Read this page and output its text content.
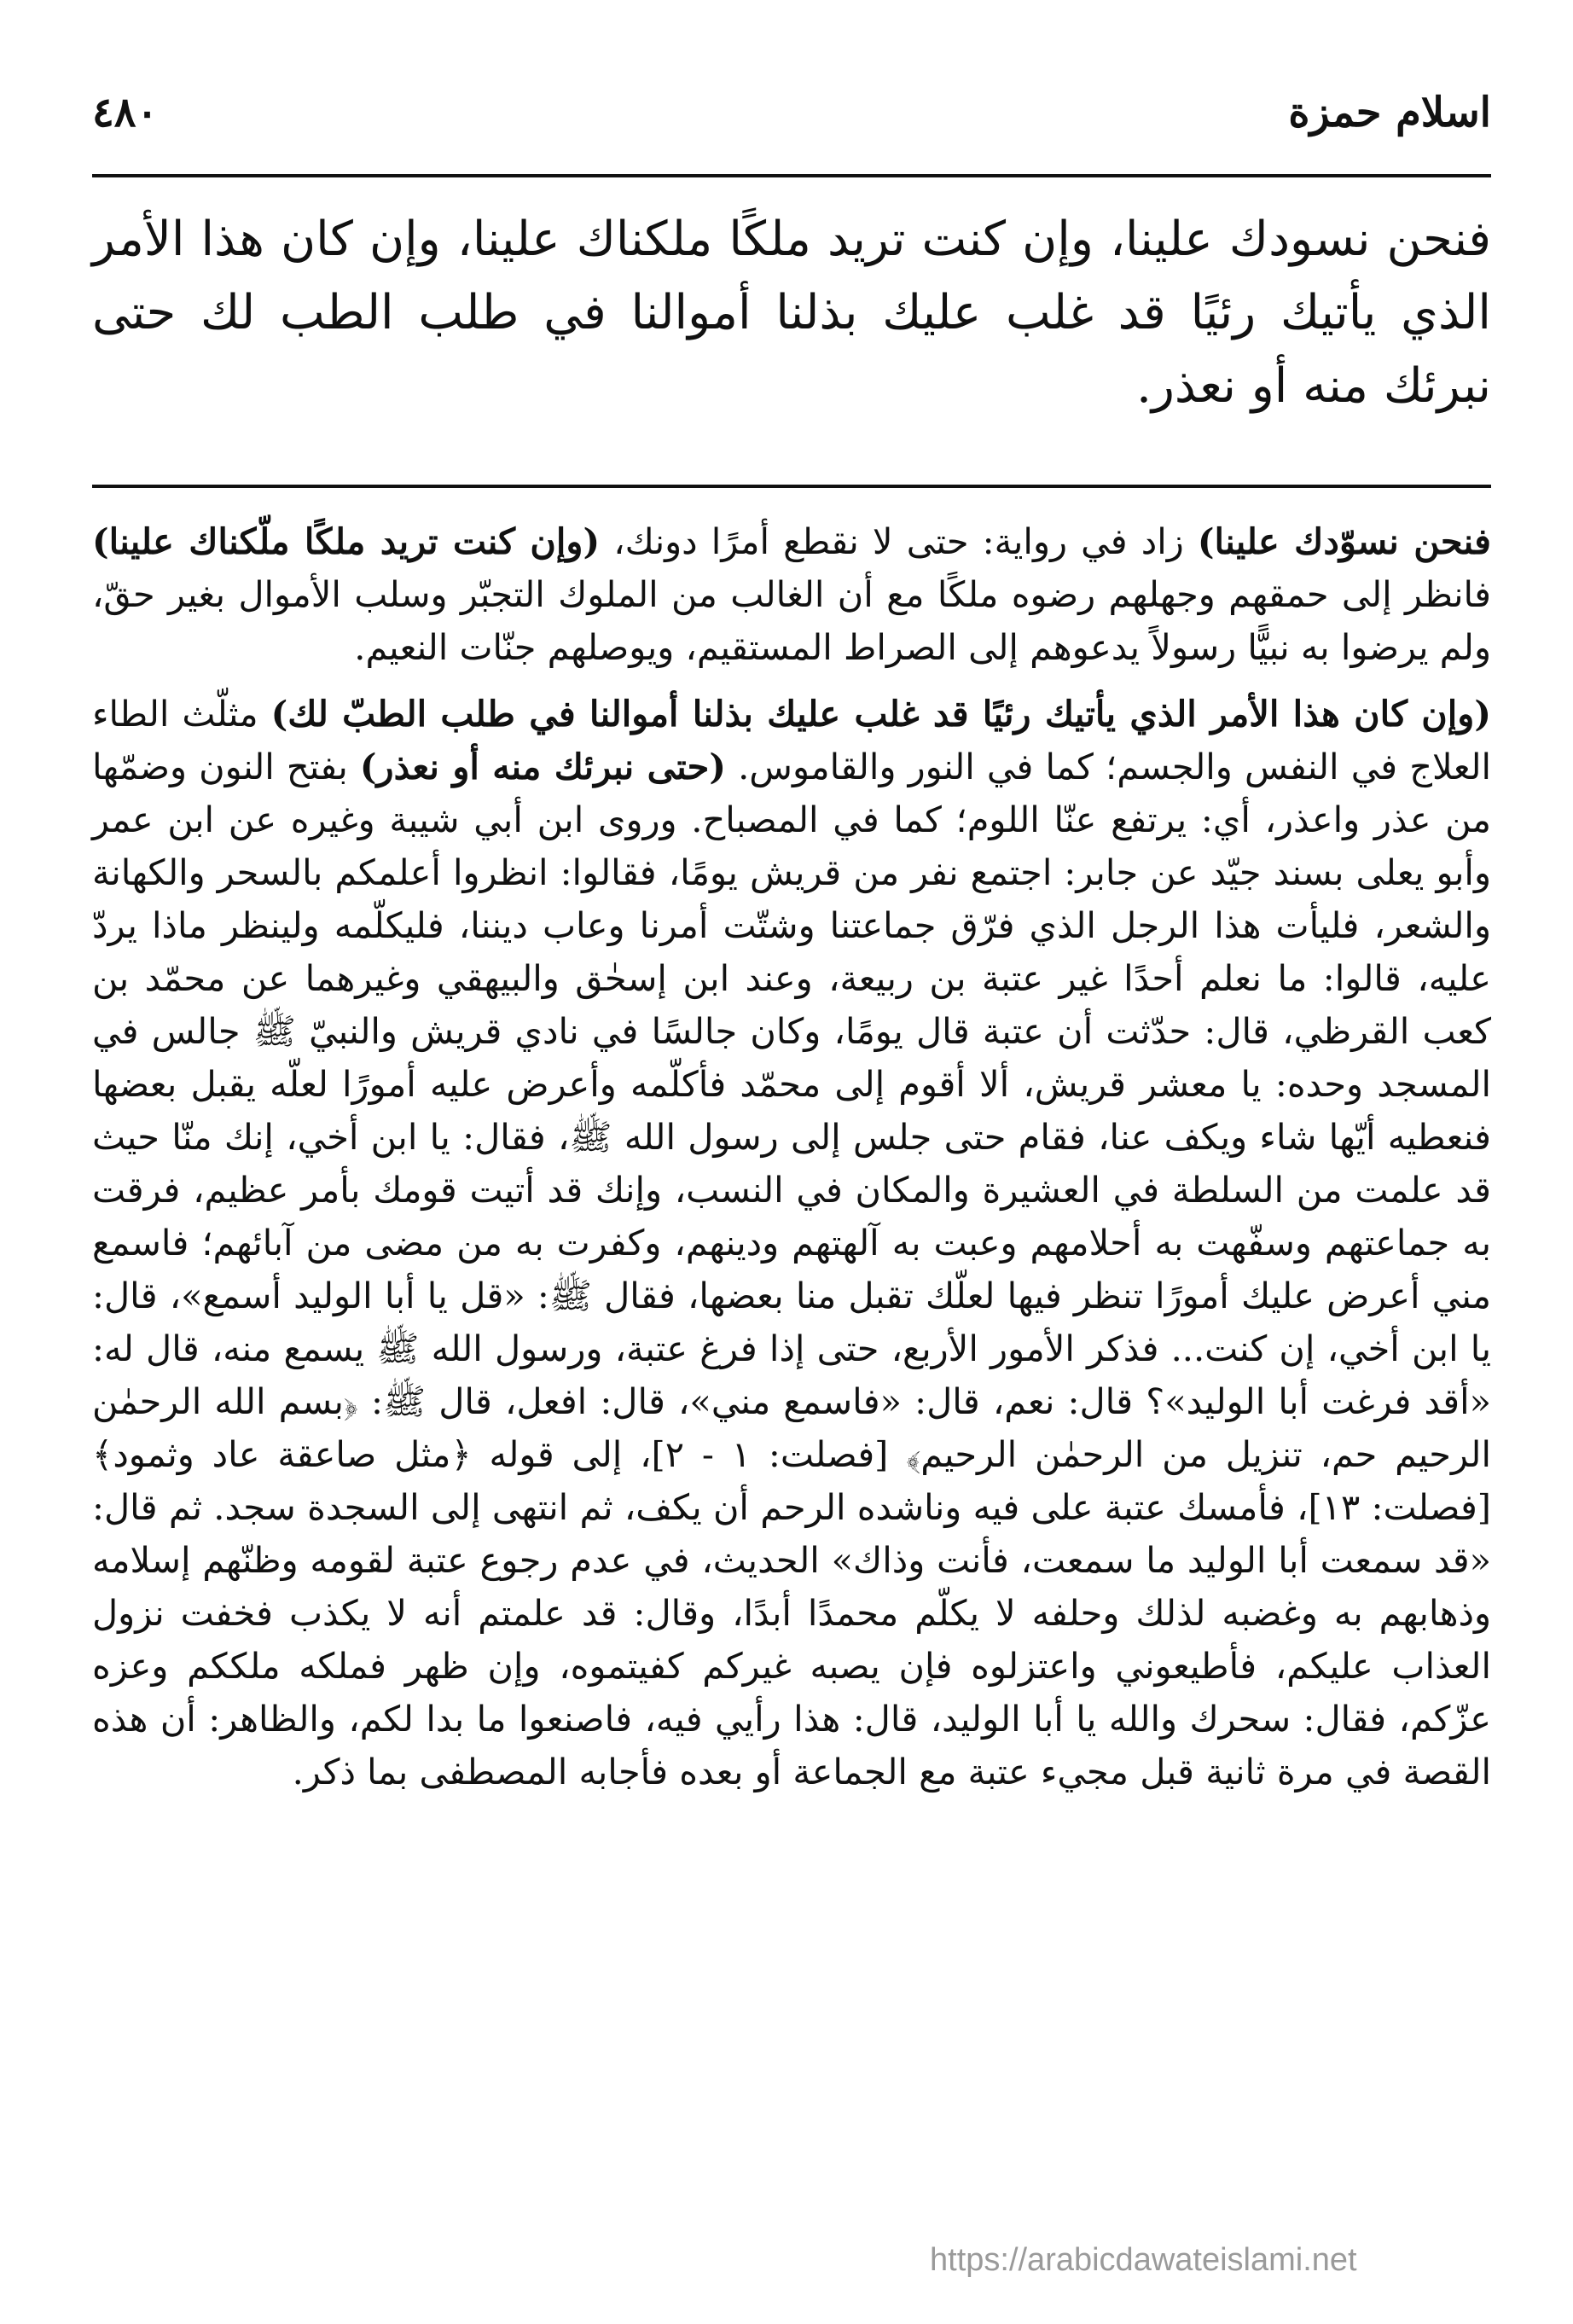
٤٨٠	اسلام حمزة
فنحن نسودك علينا، وإن كنت تريد ملكًا ملكناك علينا، وإن كان هذا الأمر الذي يأتيك رئيًا قد غلب عليك بذلنا أموالنا في طلب الطب لك حتى نبرئك منه أو نعذر.

فنحن نسوّدك علينا) زاد في رواية: حتى لا نقطع أمرًا دونك، (وإن كنت تريد ملكًا ملّكناك علينا) فانظر إلى حمقهم وجهلهم رضوه ملكًا مع أن الغالب من الملوك التجبّر وسلب الأموال بغير حقّ، ولم يرضوا به نبيًّا رسولاً يدعوهم إلى الصراط المستقيم، ويوصلهم جنّات النعيم.

(وإن كان هذا الأمر الذي يأتيك رئيًا قد غلب عليك بذلنا أموالنا في طلب الطبّ لك) مثلّث الطاء العلاج في النفس والجسم؛ كما في النور والقاموس. (حتى نبرئك منه أو نعذر) بفتح النون وضمّها من عذر واعذر، أي: يرتفع عنّا اللوم؛ كما في المصباح. وروى ابن أبي شيبة وغيره عن ابن عمر وأبو يعلى بسند جيّد عن جابر: اجتمع نفر من قريش يومًا، فقالوا: انظروا أعلمكم بالسحر والكهانة والشعر، فليأت هذا الرجل الذي فرّق جماعتنا وشتّت أمرنا وعاب ديننا، فليكلّمه ولينظر ماذا يردّ عليه، قالوا: ما نعلم أحدًا غير عتبة بن ربيعة، وعند ابن إسحٰق والبيهقي وغيرهما عن محمّد بن كعب القرظي، قال: حدّثت أن عتبة قال يومًا، وكان جالسًا في نادي قريش والنبيّ ﷺ جالس في المسجد وحده: يا معشر قريش، ألا أقوم إلى محمّد فأكلّمه وأعرض عليه أمورًا لعلّه يقبل بعضها فنعطيه أيّها شاء ويكف عنا، فقام حتى جلس إلى رسول الله ﷺ، فقال: يا ابن أخي، إنك منّا حيث قد علمت من السلطة في العشيرة والمكان في النسب، وإنك قد أتيت قومك بأمر عظيم، فرقت به جماعتهم وسفّهت به أحلامهم وعبت به آلهتهم ودينهم، وكفرت به من مضى من آبائهم؛ فاسمع مني أعرض عليك أمورًا تنظر فيها لعلّك تقبل منا بعضها، فقال ﷺ: «قل يا أبا الوليد أسمع»، قال: يا ابن أخي، إن كنت... فذكر الأمور الأربع، حتى إذا فرغ عتبة، ورسول الله ﷺ يسمع منه، قال له: «أقد فرغت أبا الوليد»؟ قال: نعم، قال: «فاسمع مني»، قال: افعل، قال ﷺ: ﴿بسم الله الرحمٰن الرحيم حم، تنزيل من الرحمٰن الرحيم﴾ [فصلت: ١ - ٢]، إلى قوله ﴿مثل صاعقة عاد وثمود﴾ [فصلت: ١٣]، فأمسك عتبة على فيه وناشده الرحم أن يكف، ثم انتهى إلى السجدة سجد. ثم قال: «قد سمعت أبا الوليد ما سمعت، فأنت وذاك» الحديث، في عدم رجوع عتبة لقومه وظنّهم إسلامه وذهابهم به وغضبه لذلك وحلفه لا يكلّم محمدًا أبدًا، وقال: قد علمتم أنه لا يكذب فخفت نزول العذاب عليكم، فأطيعوني واعتزلوه فإن يصبه غيركم كفيتموه، وإن ظهر فملكه ملككم وعزه عزّكم، فقال: سحرك والله يا أبا الوليد، قال: هذا رأيي فيه، فاصنعوا ما بدا لكم، والظاهر: أن هذه القصة في مرة ثانية قبل مجيء عتبة مع الجماعة أو بعده فأجابه المصطفى بما ذكر.

https://arabicdawateislami.net
